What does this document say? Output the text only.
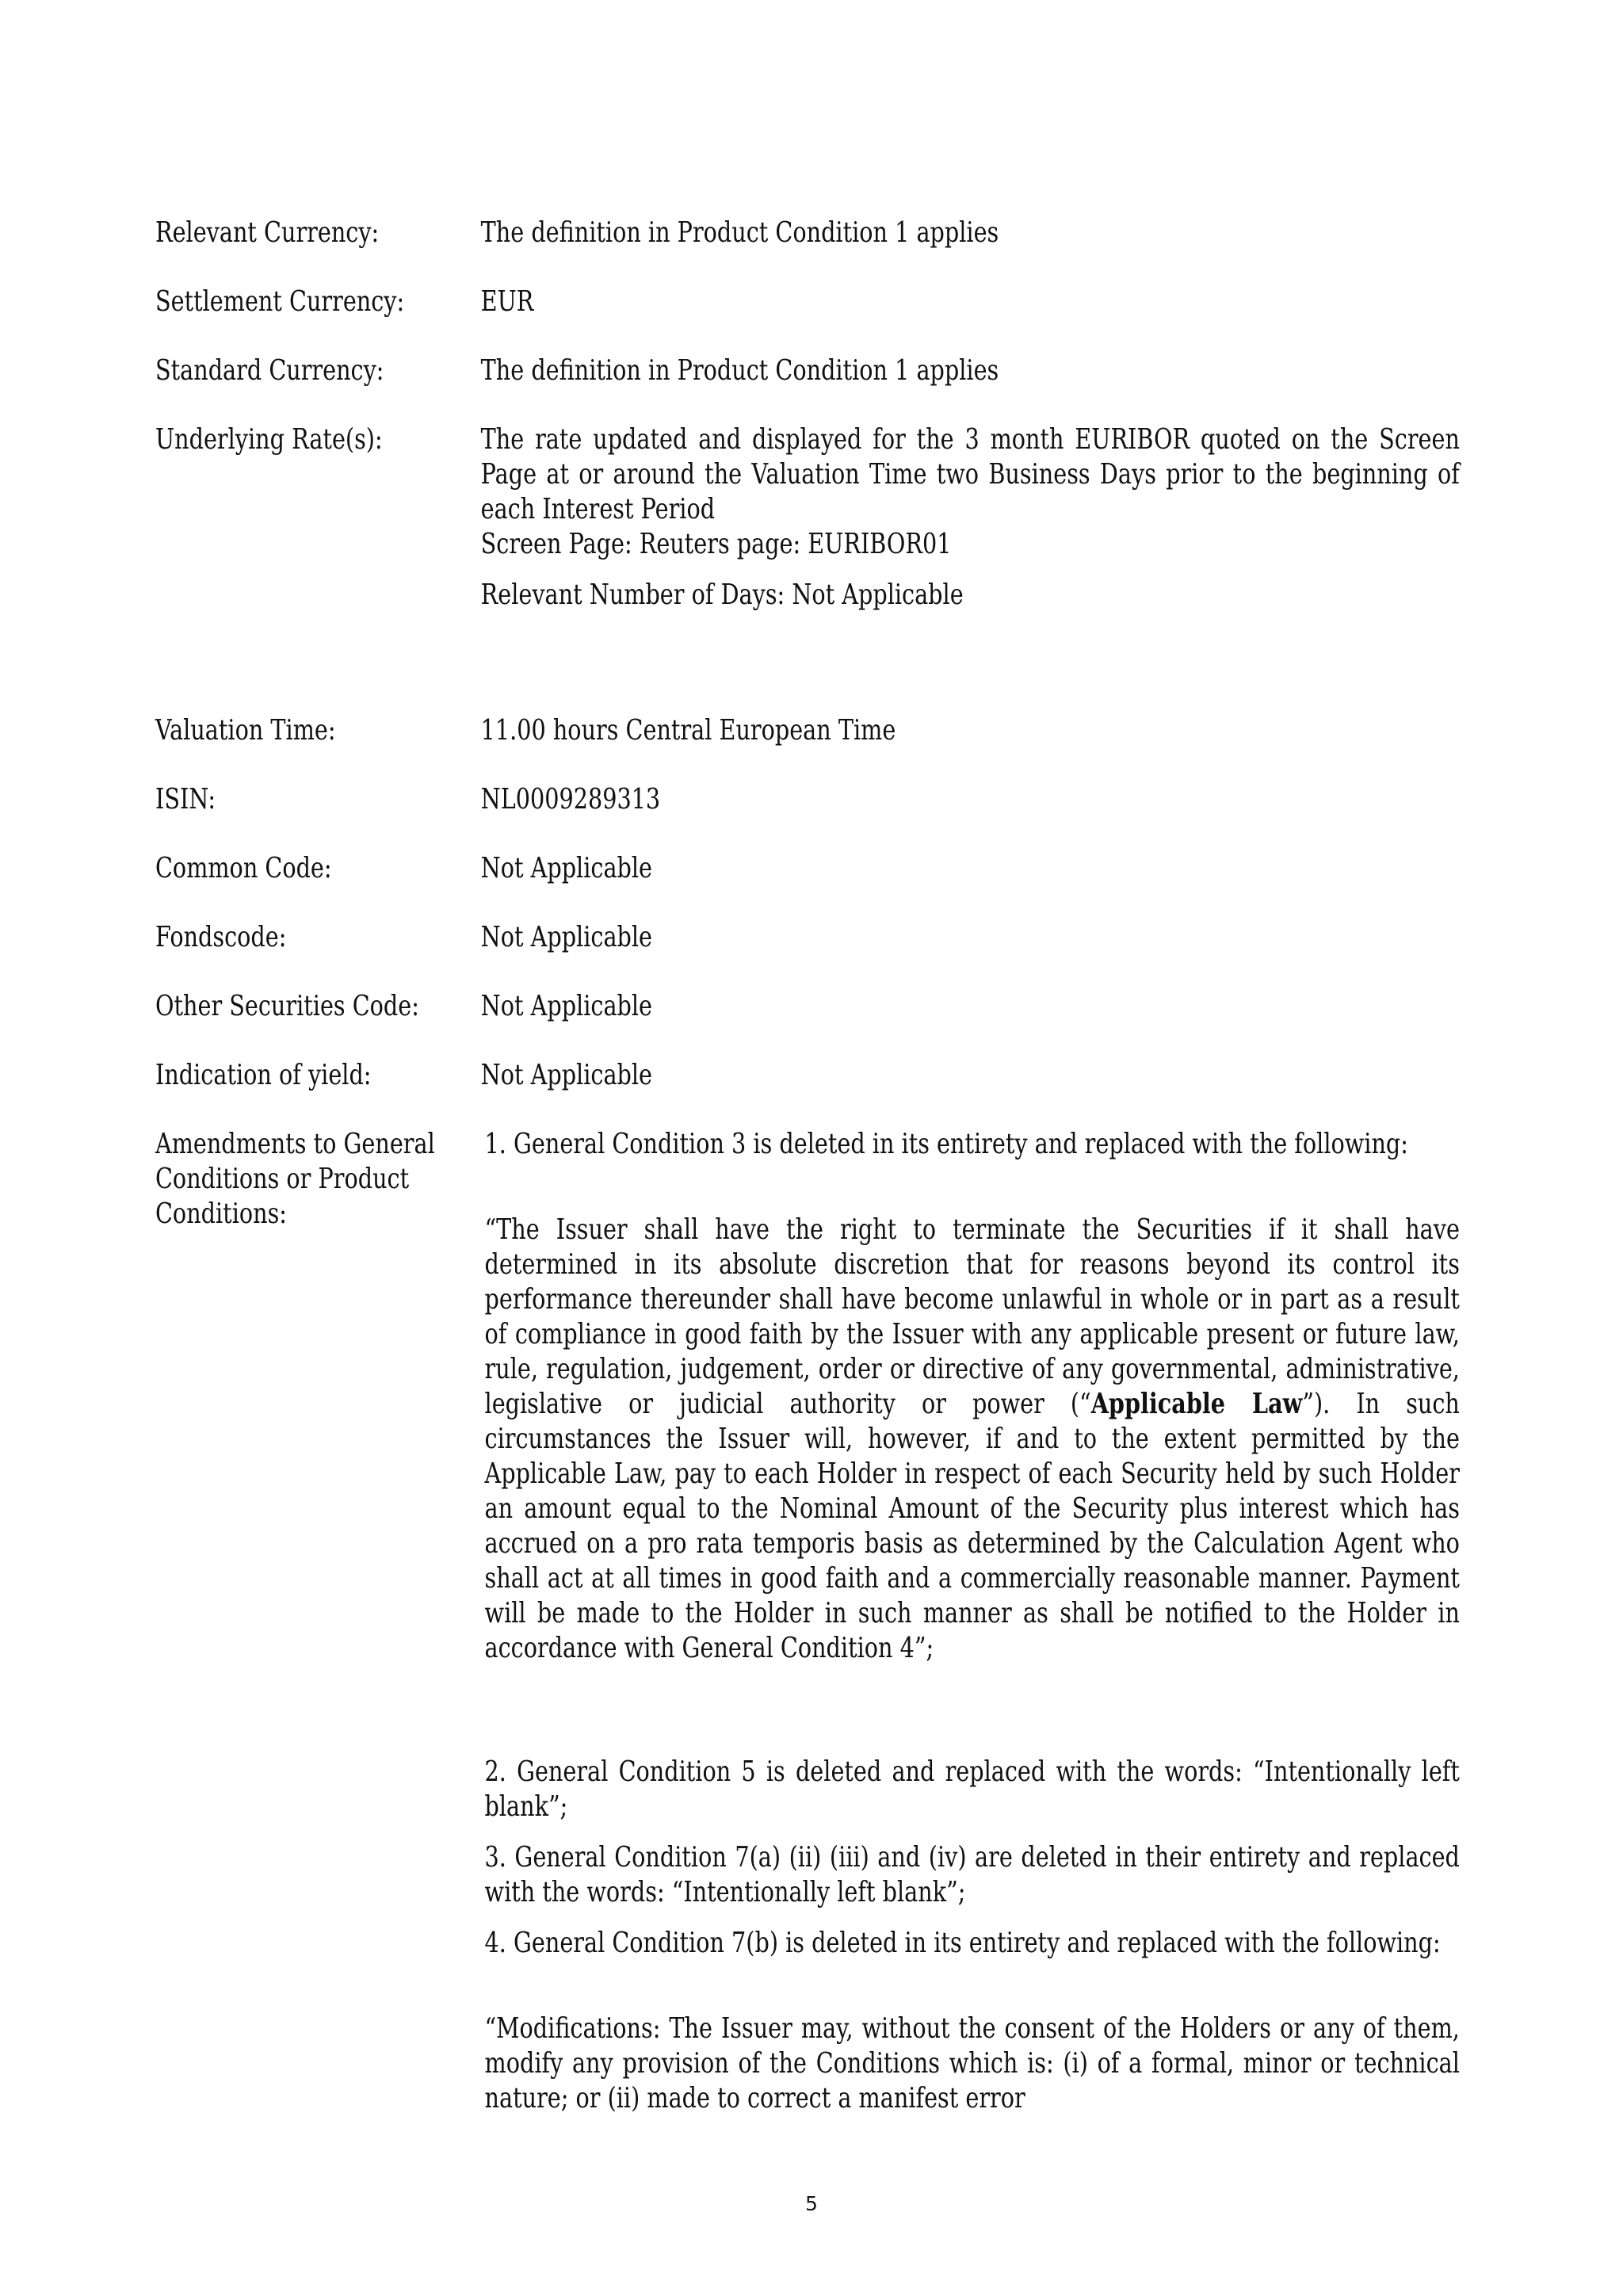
Relevant Currency:	The definition in Product Condition 1 applies
Settlement Currency:	EUR
Standard Currency:	The definition in Product Condition 1 applies
Underlying Rate(s):	The rate updated and displayed for the 3 month EURIBOR quoted on the Screen Page at or around the Valuation Time two Business Days prior to the beginning of each Interest Period

Screen Page: Reuters page: EURIBOR01

Relevant Number of Days: Not Applicable

Valuation Time:	11.00 hours Central European Time
ISIN:	NL0009289313
Common Code:	Not Applicable
Fondscode:	Not Applicable
Other Securities Code:	Not Applicable
Indication of yield:	Not Applicable
Amendments to General Conditions or Product Conditions:

1. General Condition 3 is deleted in its entirety and replaced with the following:

“The Issuer shall have the right to terminate the Securities if it shall have determined in its absolute discretion that for reasons beyond its control its performance thereunder shall have become unlawful in whole or in part as a result of compliance in good faith by the Issuer with any applicable present or future law, rule, regulation, judgement, order or directive of any governmental, administrative, legislative or judicial authority or power (“Applicable Law”). In such circumstances the Issuer will, however, if and to the extent permitted by the Applicable Law, pay to each Holder in respect of each Security held by such Holder an amount equal to the Nominal Amount of the Security plus interest which has accrued on a pro rata temporis basis as determined by the Calculation Agent who shall act at all times in good faith and a commercially reasonable manner. Payment will be made to the Holder in such manner as shall be notified to the Holder in accordance with General Condition 4”;

2. General Condition 5 is deleted and replaced with the words: “Intentionally left blank”;

3. General Condition 7(a) (ii) (iii) and (iv) are deleted in their entirety and replaced with the words: “Intentionally left blank”;

4. General Condition 7(b) is deleted in its entirety and replaced with the following:

“Modifications: The Issuer may, without the consent of the Holders or any of them, modify any provision of the Conditions which is: (i) of a formal, minor or technical nature; or (ii) made to correct a manifest error

5
